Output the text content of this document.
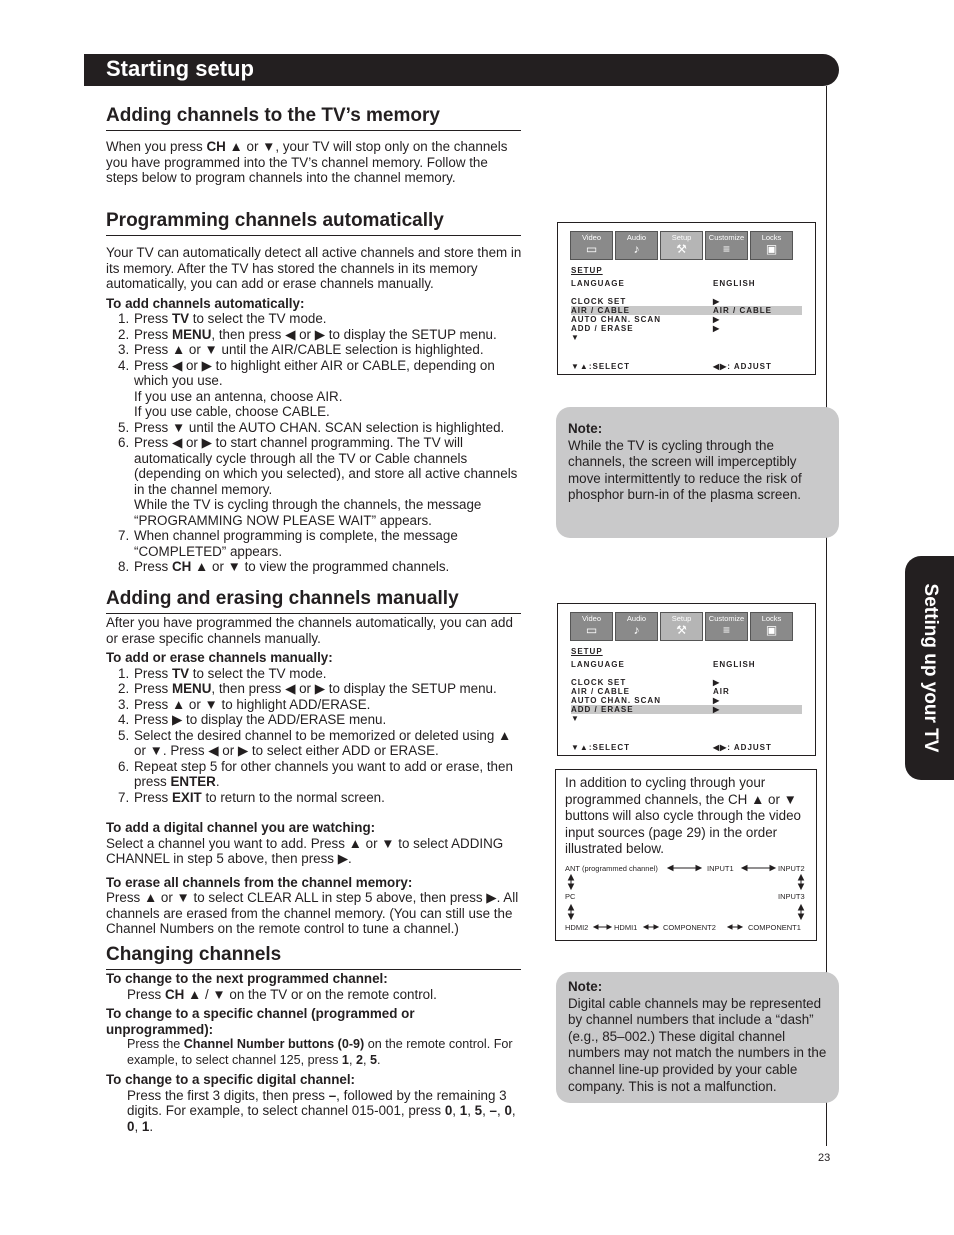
Starting setup
Setting up your TV
Adding channels to the TV’s memory

When you press CH ▲ or ▼, your TV will stop only on the channels you have programmed into the TV’s channel memory. Follow the steps below to program channels into the channel memory.

Programming channels automatically

Your TV can automatically detect all active channels and store them in its memory. After the TV has stored the channels in its memory automatically, you can add or erase channels manually.

To add channels automatically:

1. Press TV to select the TV mode.
2. Press MENU, then press ◀ or ▶ to display the SETUP menu.
3. Press ▲ or ▼ until the AIR/CABLE selection is highlighted.
4. Press ◀ or ▶ to highlight either AIR or CABLE, depending on which you use.
If you use an antenna, choose AIR.
If you use cable, choose CABLE.
5. Press ▼ until the AUTO CHAN. SCAN selection is highlighted.
6. Press ◀ or ▶ to start channel programming. The TV will automatically cycle through all the TV or Cable channels (depending on which you selected), and store all active channels in the channel memory.
While the TV is cycling through the channels, the message “PROGRAMMING NOW PLEASE WAIT” appears.
7. When channel programming is complete, the message “COMPLETED” appears.
8. Press CH ▲ or ▼ to view the programmed channels.
Adding and erasing channels manually

After you have programmed the channels automatically, you can add or erase specific channels manually.

To add or erase channels manually:

1. Press TV to select the TV mode.
2. Press MENU, then press ◀ or ▶ to display the SETUP menu.
3. Press ▲ or ▼ to highlight ADD/ERASE.
4. Press ▶ to display the ADD/ERASE menu.
5. Select the desired channel to be memorized or deleted using ▲ or ▼. Press ◀ or ▶ to select either ADD or ERASE.
6. Repeat step 5 for other channels you want to add or erase, then press ENTER.
7. Press EXIT to return to the normal screen.

To add a digital channel you are watching:

Select a channel you want to add. Press ▲ or ▼ to select ADDING CHANNEL in step 5 above, then press ▶.

To erase all channels from the channel memory:

Press ▲ or ▼ to select CLEAR ALL in step 5 above, then press ▶. All channels are erased from the channel memory. (You can still use the Channel Numbers on the remote control to tune a channel.)

Changing channels

To change to the next programmed channel:

Press CH ▲ / ▼ on the TV or on the remote control.

To change to a specific channel (programmed or unprogrammed):

Press the Channel Number buttons (0-9) on the remote control. For example, to select channel 125, press 1, 2, 5.

To change to a specific digital channel:

Press the first 3 digits, then press –, followed by the remaining 3 digits. For example, to select channel 015-001, press 0, 1, 5, –, 0, 0, 1.

Video
▭
Audio
♪
Setup
⚒
Customize
≡
Locks
▣
SETUP
LANGUAGE	ENGLISH
CLOCK SET	▶
AIR / CABLE	AIR / CABLE
AUTO CHAN. SCAN	▶
ADD / ERASE	▶
▼
▼▲:SELECT	◀▶: ADJUST

Note:

While the TV is cycling through the channels, the screen will imperceptibly move intermittently to reduce the risk of phosphor burn-in of the plasma screen.

Video
▭
Audio
♪
Setup
⚒
Customize
≡
Locks
▣
SETUP
LANGUAGE	ENGLISH
CLOCK SET	▶
AIR / CABLE	AIR
AUTO CHAN. SCAN	▶
ADD / ERASE	▶
▼
▼▲:SELECT	◀▶: ADJUST

In addition to cycling through your programmed channels, the CH ▲ or ▼ buttons will also cycle through the video input sources (page 29) in the order illustrated below.

ANT (programmed channel)	INPUT1	INPUT2
PC	INPUT3
HDMI2	HDMI1	COMPONENT2	COMPONENT1

Note:

Digital cable channels may be represented by channel numbers that include a “dash” (e.g., 85–002.) These digital channel numbers may not match the numbers in the channel line-up provided by your cable company. This is not a malfunction.

23
